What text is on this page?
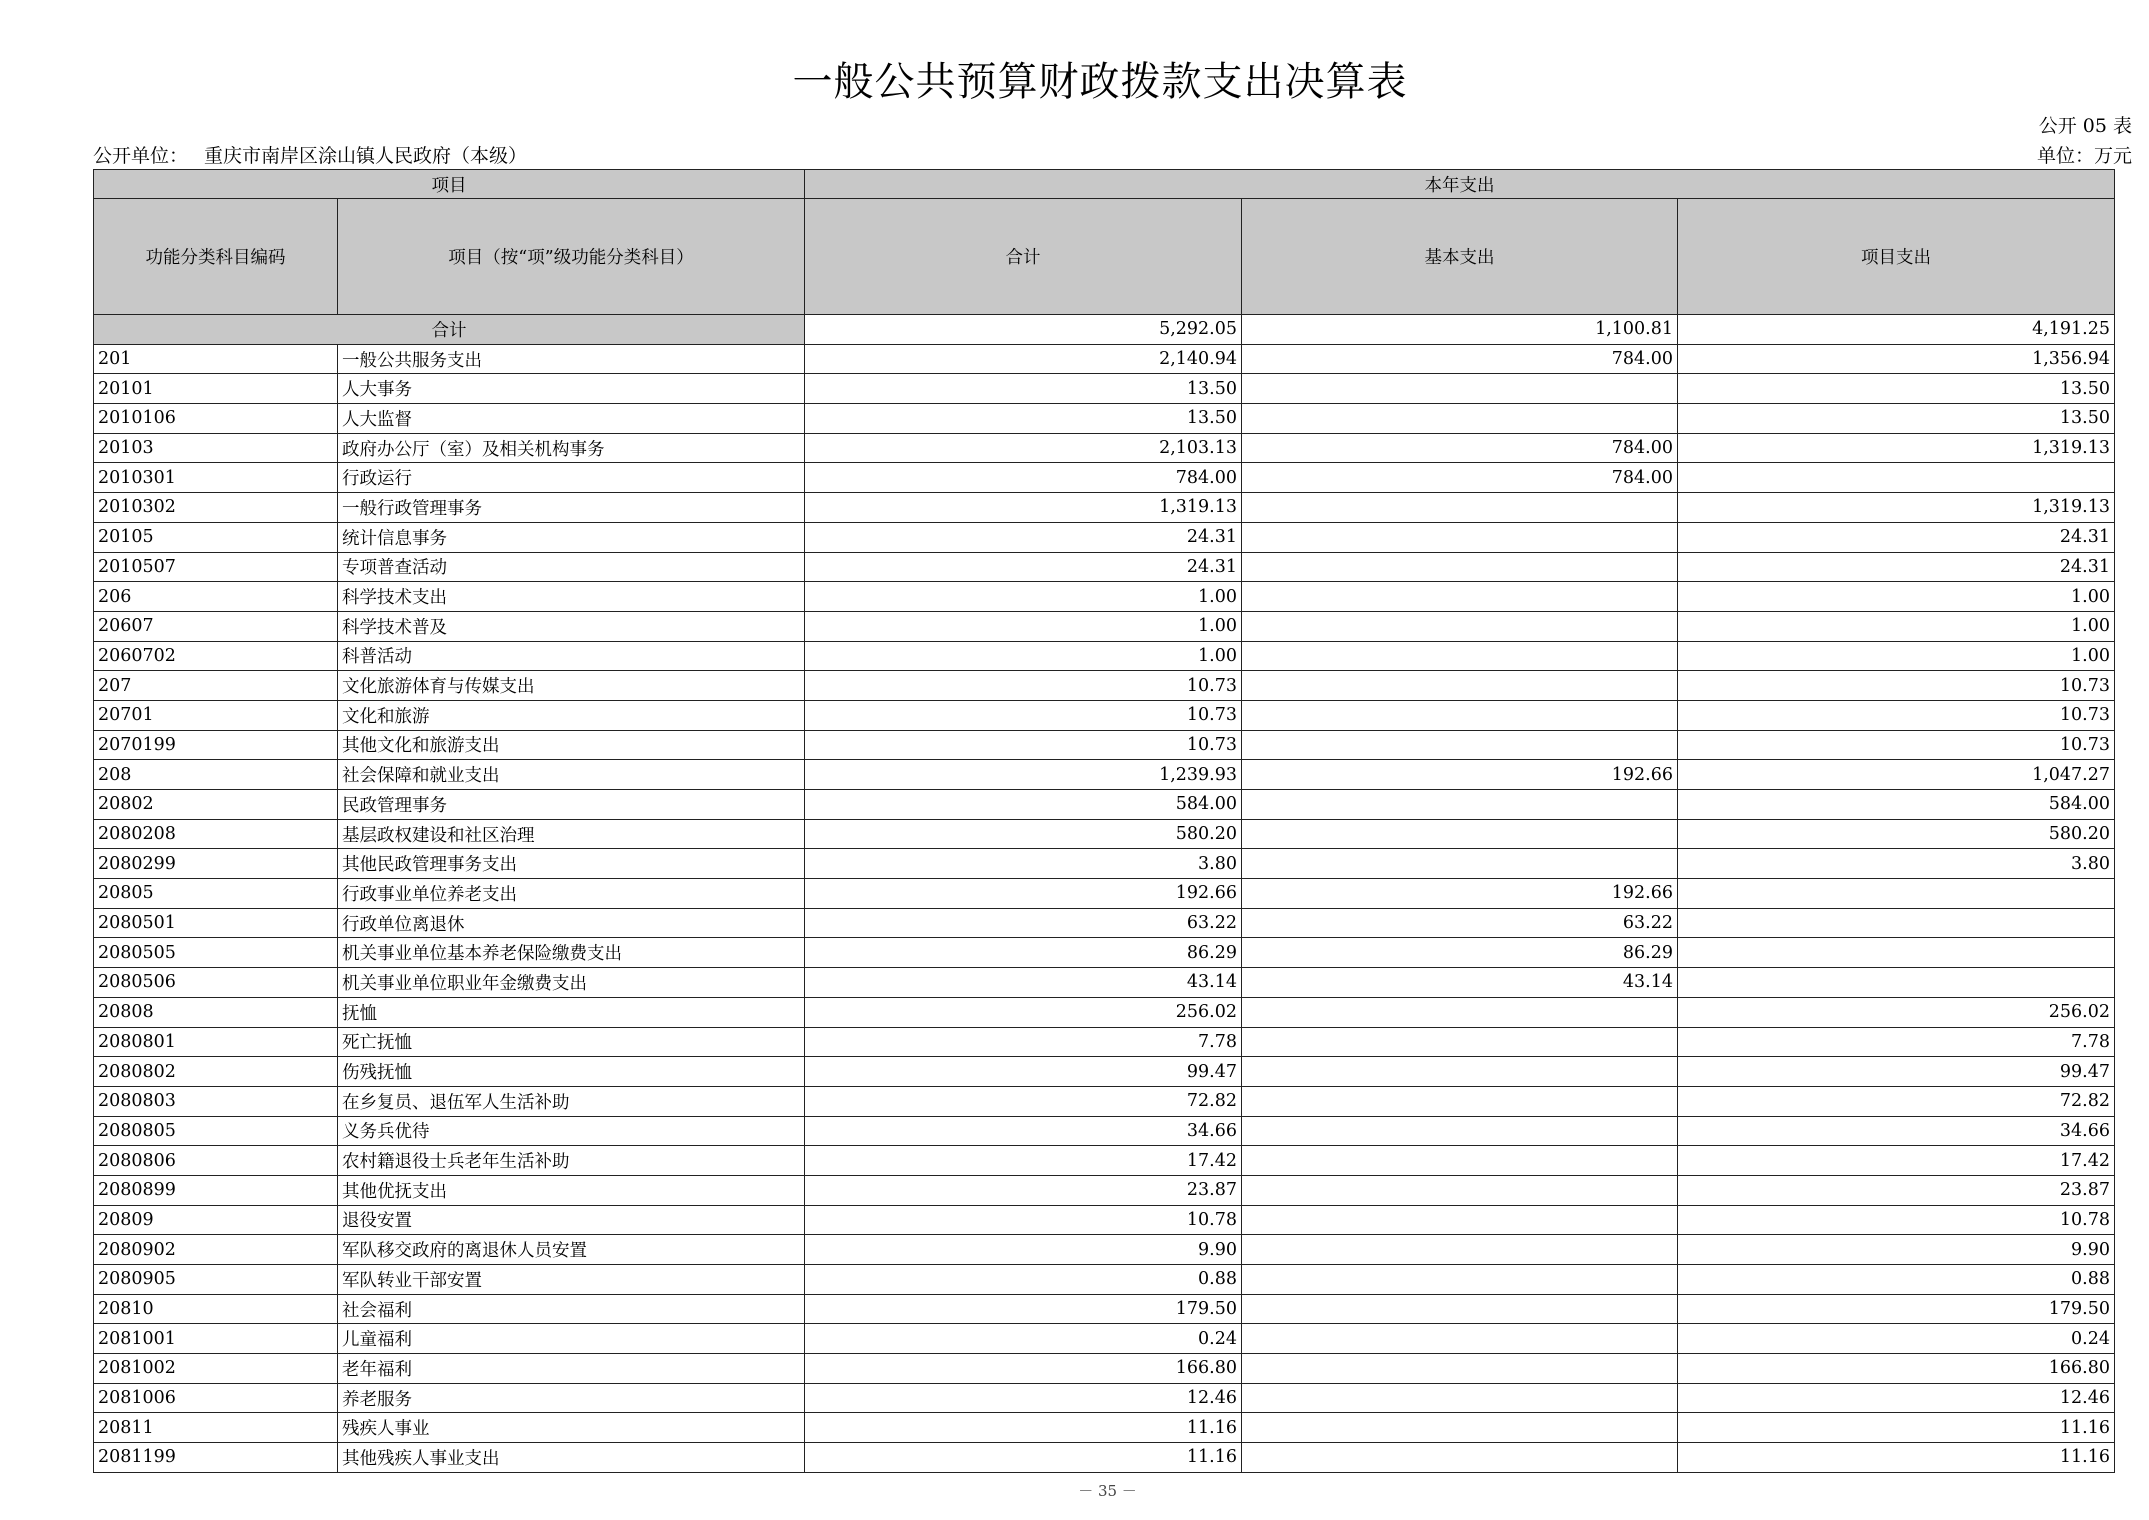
一般公共预算财政拨款支出决算表
公开 05 表
公开单位： 重庆市南岸区涂山镇人民政府（本级）	单位：万元
项目		本年支出		
功能分类科目编码	项目（按“项”级功能分类科目）	合计	基本支出	项目支出
合计		5,292.05	1,100.81	4,191.25
201	一般公共服务支出	2,140.94	784.00	1,356.94
20101	人大事务	13.50		13.50
2010106	人大监督	13.50		13.50
20103	政府办公厅（室）及相关机构事务	2,103.13	784.00	1,319.13
2010301	行政运行	784.00	784.00	
2010302	一般行政管理事务	1,319.13		1,319.13
20105	统计信息事务	24.31		24.31
2010507	专项普查活动	24.31		24.31
206	科学技术支出	1.00		1.00
20607	科学技术普及	1.00		1.00
2060702	科普活动	1.00		1.00
207	文化旅游体育与传媒支出	10.73		10.73
20701	文化和旅游	10.73		10.73
2070199	其他文化和旅游支出	10.73		10.73
208	社会保障和就业支出	1,239.93	192.66	1,047.27
20802	民政管理事务	584.00		584.00
2080208	基层政权建设和社区治理	580.20		580.20
2080299	其他民政管理事务支出	3.80		3.80
20805	行政事业单位养老支出	192.66	192.66	
2080501	行政单位离退休	63.22	63.22	
2080505	机关事业单位基本养老保险缴费支出	86.29	86.29	
2080506	机关事业单位职业年金缴费支出	43.14	43.14	
20808	抚恤	256.02		256.02
2080801	死亡抚恤	7.78		7.78
2080802	伤残抚恤	99.47		99.47
2080803	在乡复员、退伍军人生活补助	72.82		72.82
2080805	义务兵优待	34.66		34.66
2080806	农村籍退役士兵老年生活补助	17.42		17.42
2080899	其他优抚支出	23.87		23.87
20809	退役安置	10.78		10.78
2080902	军队移交政府的离退休人员安置	9.90		9.90
2080905	军队转业干部安置	0.88		0.88
20810	社会福利	179.50		179.50
2081001	儿童福利	0.24		0.24
2081002	老年福利	166.80		166.80
2081006	养老服务	12.46		12.46
20811	残疾人事业	11.16		11.16
2081199	其他残疾人事业支出	11.16		11.16
－ 35 －
